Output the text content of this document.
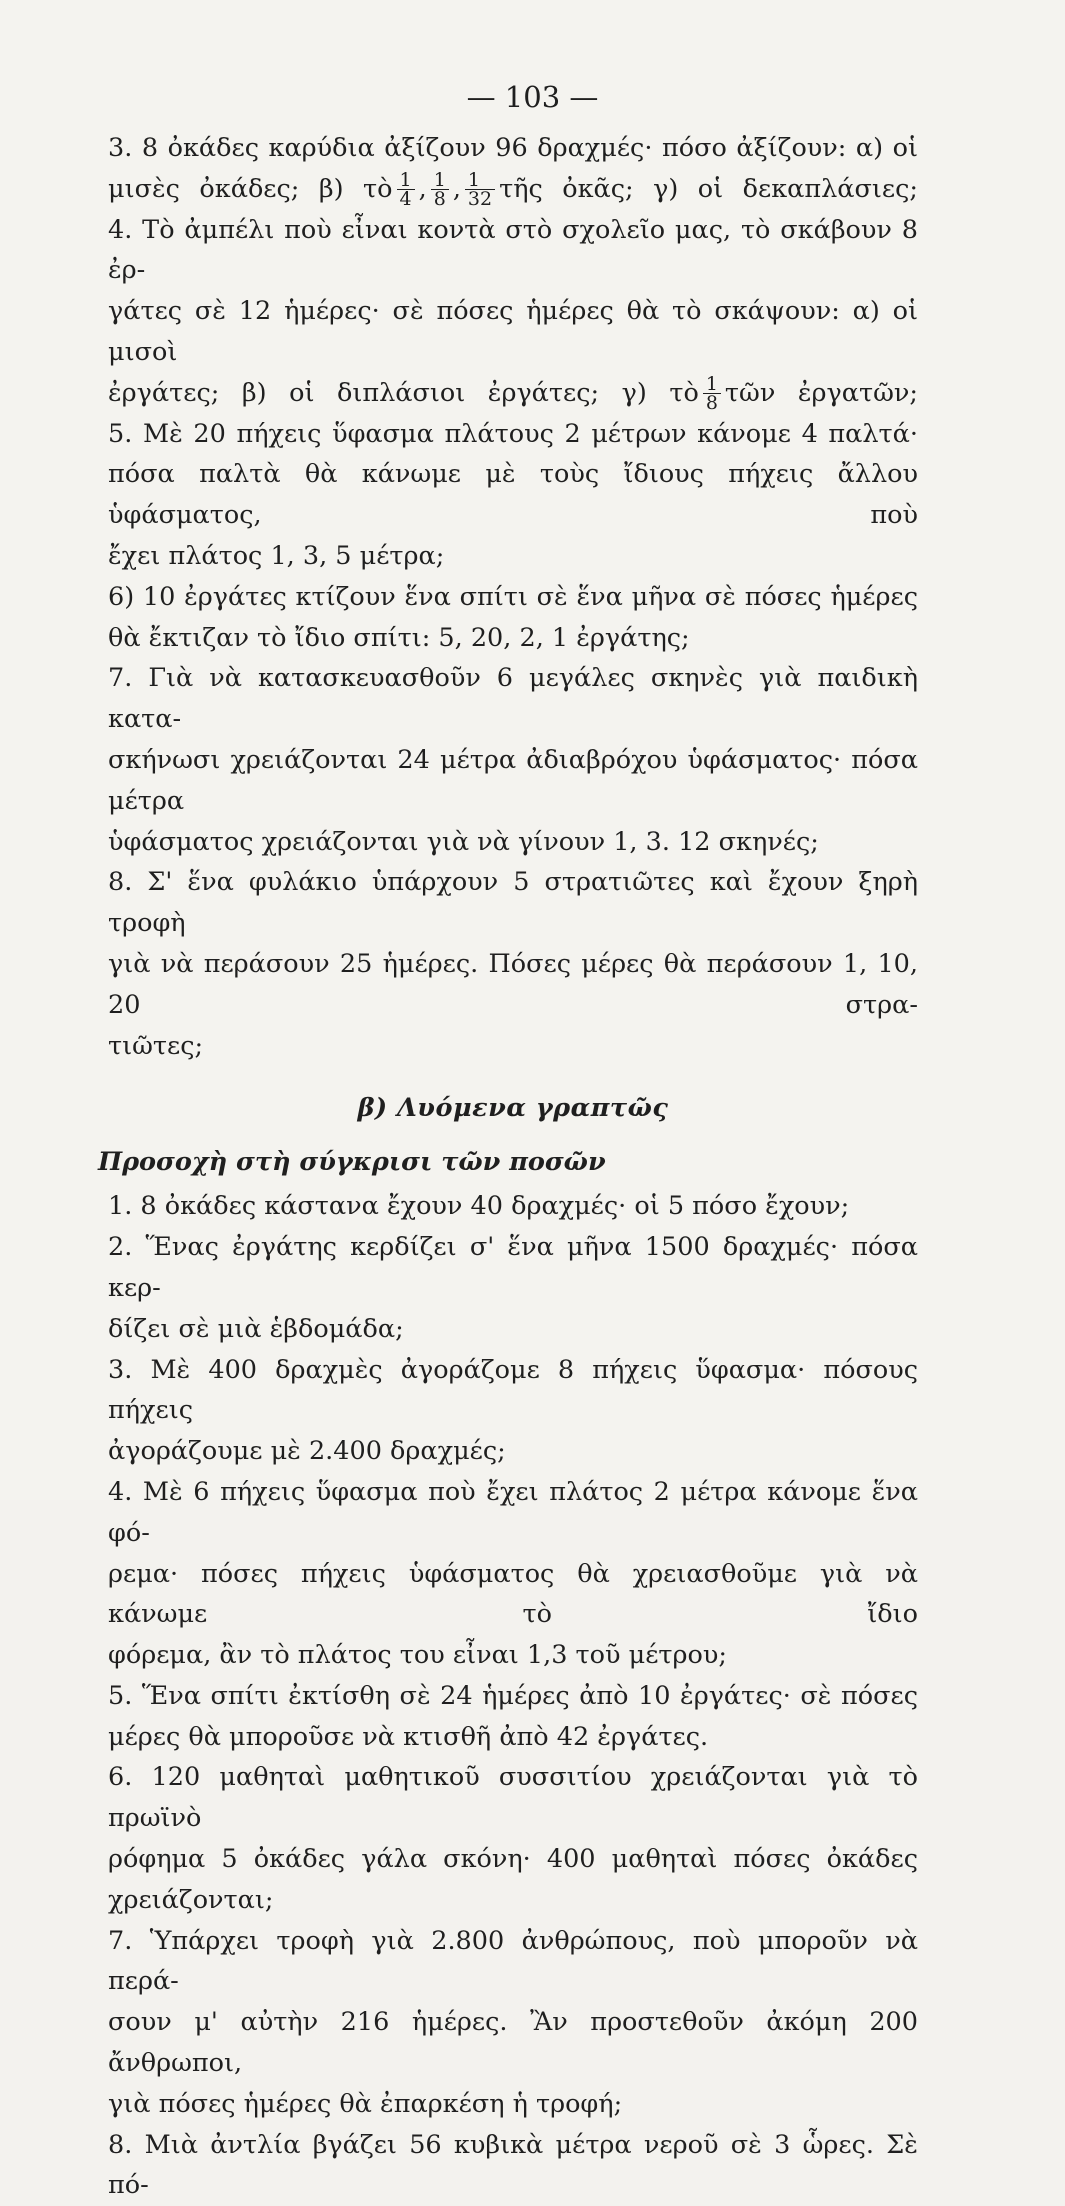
— 103 —

3. 8 ὀκάδες καρύδια ἀξίζουν 96 δραχμές· πόσο ἀξίζουν: α) οἱ

μισὲς ὀκάδες; β) τὸ $\frac{1}{4}$ , $\frac{1}{8}$ , $\frac{1}{32}$ τῆς ὀκᾶς; γ) οἱ δεκαπλάσιες;

4. Τὸ ἀμπέλι ποὺ εἶναι κοντὰ στὸ σχολεῖο μας, τὸ σκάβουν 8 ἐρ-

γάτες σὲ 12 ἡμέρες· σὲ πόσες ἡμέρες θὰ τὸ σκάψουν: α) οἱ μισοὶ

ἐργάτες; β) οἱ διπλάσιοι ἐργάτες; γ) τὸ $\frac{1}{8}$ τῶν ἐργατῶν;

5. Μὲ 20 πήχεις ὕφασμα πλάτους 2 μέτρων κάνομε 4 παλτά·

πόσα παλτὰ θὰ κάνωμε μὲ τοὺς ἴδιους πήχεις ἄλλου ὑφάσματος, ποὺ

ἔχει πλάτος 1, 3, 5 μέτρα;

6) 10 ἐργάτες κτίζουν ἕνα σπίτι σὲ ἕνα μῆνα σὲ πόσες ἡμέρες

θὰ ἔκτιζαν τὸ ἴδιο σπίτι: 5, 20, 2, 1 ἐργάτης;

7. Γιὰ νὰ κατασκευασθοῦν 6 μεγάλες σκηνὲς γιὰ παιδικὴ κατα-

σκήνωσι χρειάζονται 24 μέτρα ἀδιαβρόχου ὑφάσματος· πόσα μέτρα

ὑφάσματος χρειάζονται γιὰ νὰ γίνουν 1, 3. 12 σκηνές;

8. Σ' ἕνα φυλάκιο ὑπάρχουν 5 στρατιῶτες καὶ ἔχουν ξηρὴ τροφὴ

γιὰ νὰ περάσουν 25 ἡμέρες. Πόσες μέρες θὰ περάσουν 1, 10, 20 στρα-

τιῶτες;

β) Λυόμενα γραπτῶς
Προσοχὴ στὴ σύγκρισι τῶν ποσῶν

1. 8 ὀκάδες κάστανα ἔχουν 40 δραχμές· οἱ 5 πόσο ἔχουν;

2. Ἕνας ἐργάτης κερδίζει σ' ἕνα μῆνα 1500 δραχμές· πόσα κερ-

δίζει σὲ μιὰ ἑβδομάδα;

3. Μὲ 400 δραχμὲς ἀγοράζομε 8 πήχεις ὕφασμα· πόσους πήχεις

ἀγοράζουμε μὲ 2.400 δραχμές;

4. Μὲ 6 πήχεις ὕφασμα ποὺ ἔχει πλάτος 2 μέτρα κάνομε ἕνα φό-

ρεμα· πόσες πήχεις ὑφάσματος θὰ χρειασθοῦμε γιὰ νὰ κάνωμε τὸ ἴδιο

φόρεμα, ἂν τὸ πλάτος του εἶναι 1,3 τοῦ μέτρου;

5. Ἕνα σπίτι ἐκτίσθη σὲ 24 ἡμέρες ἀπὸ 10 ἐργάτες· σὲ πόσες

μέρες θὰ μποροῦσε νὰ κτισθῆ ἀπὸ 42 ἐργάτες.

6. 120 μαθηταὶ μαθητικοῦ συσσιτίου χρειάζονται γιὰ τὸ πρωϊνὸ

ρόφημα 5 ὀκάδες γάλα σκόνη· 400 μαθηταὶ πόσες ὀκάδες χρειάζονται;

7. Ὑπάρχει τροφὴ γιὰ 2.800 ἀνθρώπους, ποὺ μποροῦν νὰ περά-

σουν μ' αὐτὴν 216 ἡμέρες. Ἂν προστεθοῦν ἀκόμη 200 ἄνθρωποι,

γιὰ πόσες ἡμέρες θὰ ἐπαρκέση ἡ τροφή;

8. Μιὰ ἀντλία βγάζει 56 κυβικὰ μέτρα νεροῦ σὲ 3 ὧρες. Σὲ πό-
